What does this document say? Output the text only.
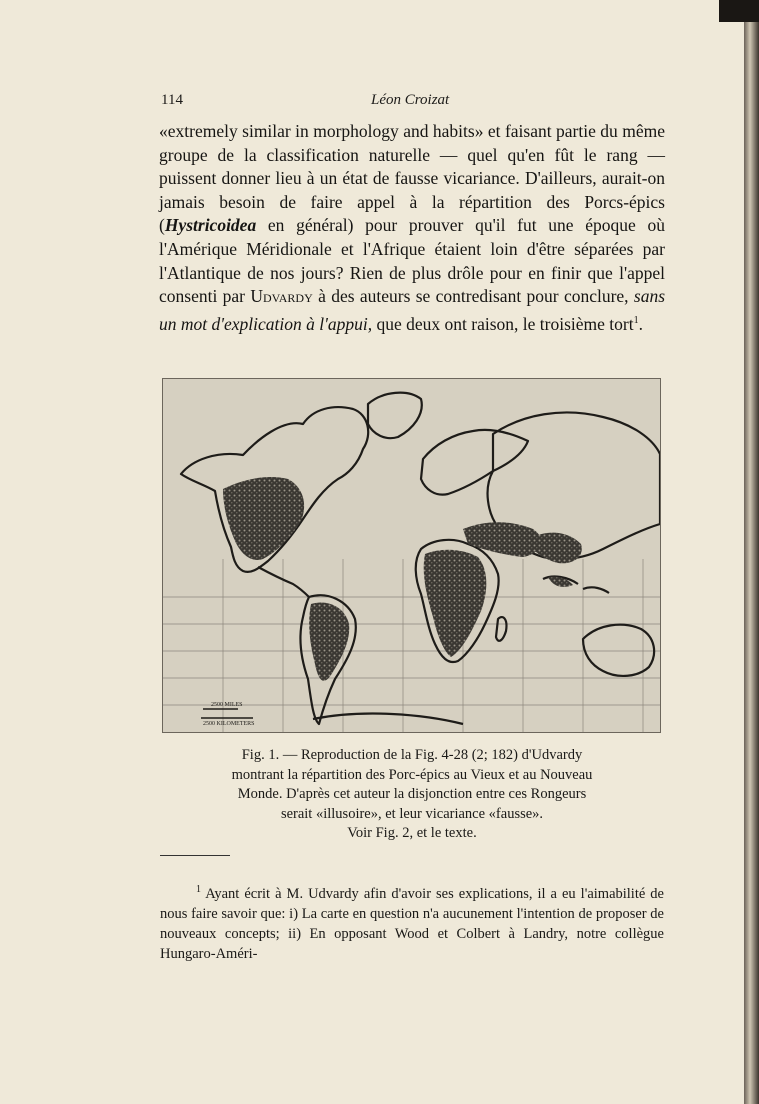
114	Léon Croizat

«extremely similar in morphology and habits» et faisant partie du même groupe de la classification naturelle — quel qu'en fût le rang — puissent donner lieu à un état de fausse vicariance. D'ailleurs, aurait-on jamais besoin de faire appel à la répartition des Porcs-épics (Hystricoidea en général) pour prouver qu'il fut une époque où l'Amérique Méridionale et l'Afrique étaient loin d'être séparées par l'Atlantique de nos jours? Rien de plus drôle pour en finir que l'appel consenti par Udvardy à des auteurs se contredisant pour conclure, sans un mot d'explication à l'appui, que deux ont raison, le troisième tort$^1$.

2500 MILES
2500 KILOMETERS
Fig. 1. — Reproduction de la Fig. 4-28 (2; 182) d'Udvardy
montrant la répartition des Porc-épics au Vieux et au Nouveau
Monde. D'après cet auteur la disjonction entre ces Rongeurs
serait «illusoire», et leur vicariance «fausse».
Voir Fig. 2, et le texte.
$^1$ Ayant écrit à M. Udvardy afin d'avoir ses explications, il a eu l'aimabilité de nous faire savoir que: i) La carte en question n'a aucunement l'intention de proposer de nouveaux concepts; ii) En opposant Wood et Colbert à Landry, notre collègue Hungaro-Améri-
